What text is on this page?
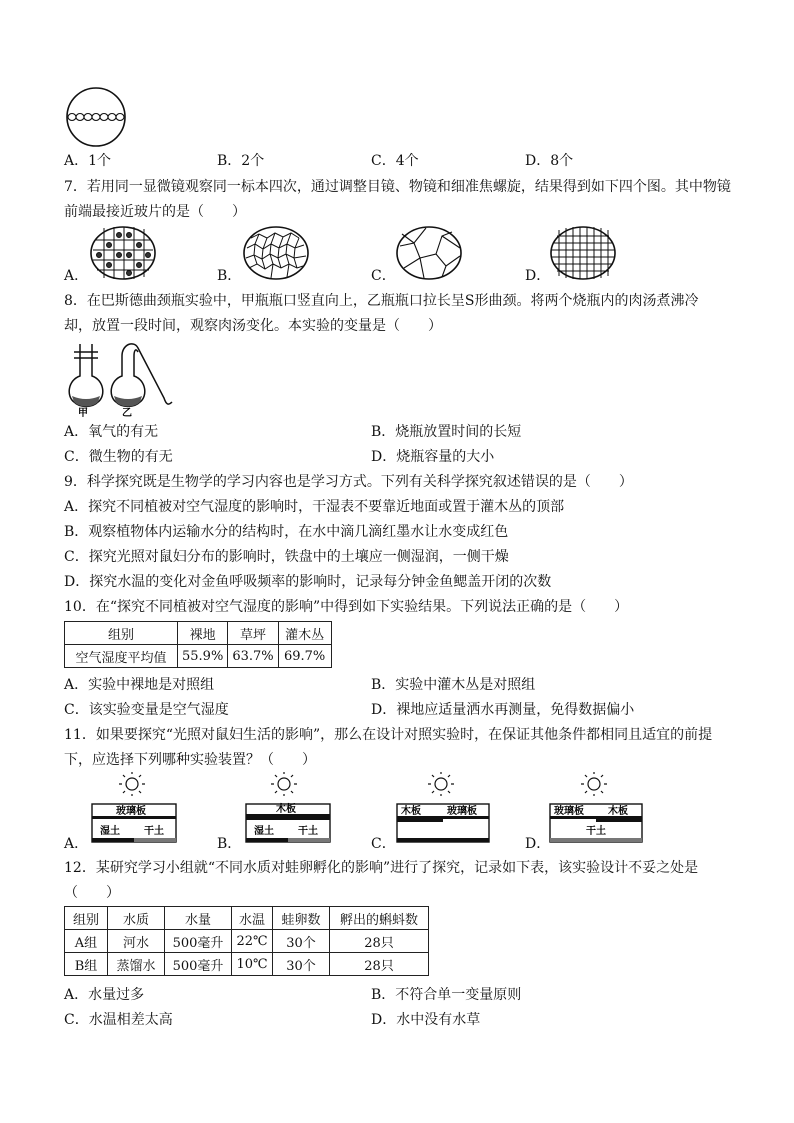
A．1个	B．2个	C．4个	D．8个
7．若用同一显微镜观察同一标本四次，通过调整目镜、物镜和细准焦螺旋，结果得到如下四个图。其中物镜
前端最接近玻片的是（　　）
A．	B．	C．	D．
8．在巴斯德曲颈瓶实验中，甲瓶瓶口竖直向上，乙瓶瓶口拉长呈S形曲颈。将两个烧瓶内的肉汤煮沸冷
却，放置一段时间，观察肉汤变化。本实验的变量是（　　）
甲	乙
A．氧气的有无	B．烧瓶放置时间的长短
C．微生物的有无	D．烧瓶容量的大小
9．科学探究既是生物学的学习内容也是学习方式。下列有关科学探究叙述错误的是（　　）
A．探究不同植被对空气湿度的影响时，干湿表不要靠近地面或置于灌木丛的顶部
B．观察植物体内运输水分的结构时，在水中滴几滴红墨水让水变成红色
C．探究光照对鼠妇分布的影响时，铁盘中的土壤应一侧湿润，一侧干燥
D．探究水温的变化对金鱼呼吸频率的影响时，记录每分钟金鱼鳃盖开闭的次数
10．在“探究不同植被对空气湿度的影响”中得到如下实验结果。下列说法正确的是（　　）
组别	裸地	草坪	灌木丛
空气湿度平均值	55.9%	63.7%	69.7%
A．实验中裸地是对照组	B．实验中灌木丛是对照组
C．该实验变量是空气湿度	D．裸地应适量洒水再测量，免得数据偏小
11．如果要探究“光照对鼠妇生活的影响”，那么在设计对照实验时，在保证其他条件都相同且适宜的前提
下，应选择下列哪种实验装置？（　　）
玻璃板
湿土 干土
木板
湿土 干土
木板	玻璃板	玻璃板 木板
干土
A．	B．	C．	D．
12．某研究学习小组就“不同水质对蛙卵孵化的影响”进行了探究，记录如下表，该实验设计不妥之处是
（　　）
组别	水质	水量	水温	蛙卵数	孵出的蝌蚪数
A组	河水	500毫升	22℃	30个	28只
B组	蒸馏水	500毫升	10℃	30个	28只
A．水量过多	B．不符合单一变量原则
C．水温相差太高	D．水中没有水草
